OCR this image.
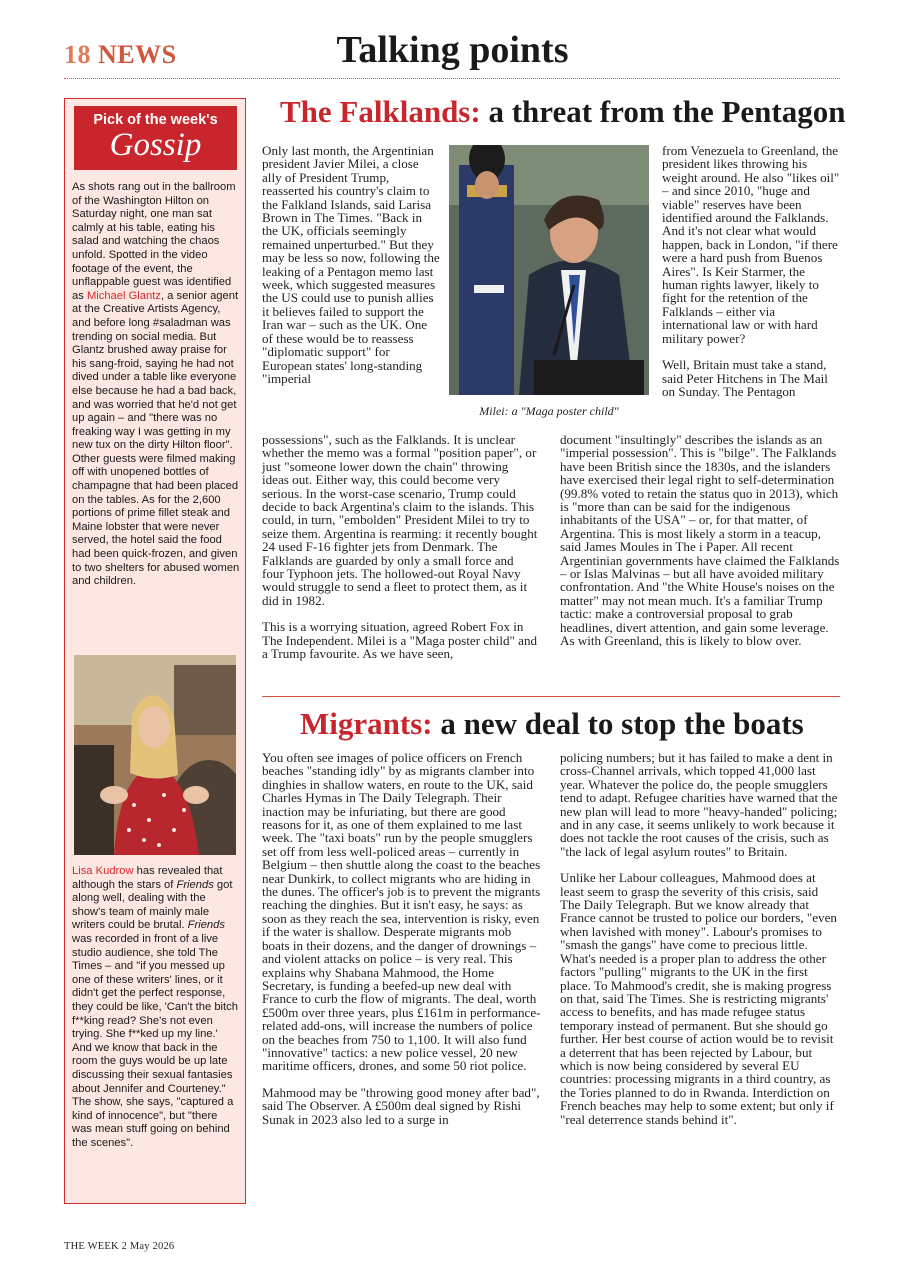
18 NEWS	Talking points
Pick of the week's
Gossip
As shots rang out in the ballroom of the Washington Hilton on Saturday night, one man sat calmly at his table, eating his salad and watching the chaos unfold. Spotted in the video footage of the event, the unflappable guest was identified as Michael Glantz, a senior agent at the Creative Artists Agency, and before long #saladman was trending on social media. But Glantz brushed away praise for his sang-froid, saying he had not dived under a table like everyone else because he had a bad back, and was worried that he'd not get up again – and "there was no freaking way I was getting in my new tux on the dirty Hilton floor". Other guests were filmed making off with unopened bottles of champagne that had been placed on the tables. As for the 2,600 portions of prime fillet steak and Maine lobster that were never served, the hotel said the food had been quick-frozen, and given to two shelters for abused women and children.
Lisa Kudrow has revealed that although the stars of Friends got along well, dealing with the show's team of mainly male writers could be brutal. Friends was recorded in front of a live studio audience, she told The Times – and "if you messed up one of these writers' lines, or it didn't get the perfect response, they could be like, 'Can't the bitch f**king read? She's not even trying. She f**ked up my line.' And we know that back in the room the guys would be up late discussing their sexual fantasies about Jennifer and Courteney." The show, she says, "captured a kind of innocence", but "there was mean stuff going on behind the scenes".
The Falklands: a threat from the Pentagon
Milei: a "Maga poster child"
Only last month, the Argentinian president Javier Milei, a close ally of President Trump, reasserted his country's claim to the Falkland Islands, said Larisa Brown in The Times. "Back in the UK, officials seemingly remained unperturbed." But they may be less so now, following the leaking of a Pentagon memo last week, which suggested measures the US could use to punish allies it believes failed to support the Iran war – such as the UK. One of these would be to reassess "diplomatic support" for European states' long-standing "imperial

possessions", such as the Falklands. It is unclear whether the memo was a formal "position paper", or just "someone lower down the chain" throwing ideas out. Either way, this could become very serious. In the worst-case scenario, Trump could decide to back Argentina's claim to the islands. This could, in turn, "embolden" President Milei to try to seize them. Argentina is rearming: it recently bought 24 used F-16 fighter jets from Denmark. The Falklands are guarded by only a small force and four Typhoon jets. The hollowed-out Royal Navy would struggle to send a fleet to protect them, as it did in 1982.

This is a worrying situation, agreed Robert Fox in The Independent. Milei is a "Maga poster child" and a Trump favourite. As we have seen,

from Venezuela to Greenland, the president likes throwing his weight around. He also "likes oil" – and since 2010, "huge and viable" reserves have been identified around the Falklands. And it's not clear what would happen, back in London, "if there were a hard push from Buenos Aires". Is Keir Starmer, the human rights lawyer, likely to fight for the retention of the Falklands – either via international law or with hard military power?

Well, Britain must take a stand, said Peter Hitchens in The Mail on Sunday. The Pentagon

document "insultingly" describes the islands as an "imperial possession". This is "bilge". The Falklands have been British since the 1830s, and the islanders have exercised their legal right to self-determination (99.8% voted to retain the status quo in 2013), which is "more than can be said for the indigenous inhabitants of the USA" – or, for that matter, of Argentina. This is most likely a storm in a teacup, said James Moules in The i Paper. All recent Argentinian governments have claimed the Falklands – or Islas Malvinas – but all have avoided military confrontation. And "the White House's noises on the matter" may not mean much. It's a familiar Trump tactic: make a controversial proposal to grab headlines, divert attention, and gain some leverage. As with Greenland, this is likely to blow over.
Migrants: a new deal to stop the boats

You often see images of police officers on French beaches "standing idly" by as migrants clamber into dinghies in shallow waters, en route to the UK, said Charles Hymas in The Daily Telegraph. Their inaction may be infuriating, but there are good reasons for it, as one of them explained to me last week. The "taxi boats" run by the people smugglers set off from less well-policed areas – currently in Belgium – then shuttle along the coast to the beaches near Dunkirk, to collect migrants who are hiding in the dunes. The officer's job is to prevent the migrants reaching the dinghies. But it isn't easy, he says: as soon as they reach the sea, intervention is risky, even if the water is shallow. Desperate migrants mob boats in their dozens, and the danger of drownings – and violent attacks on police – is very real. This explains why Shabana Mahmood, the Home Secretary, is funding a beefed-up new deal with France to curb the flow of migrants. The deal, worth £500m over three years, plus £161m in performance-related add-ons, will increase the numbers of police on the beaches from 750 to 1,100. It will also fund "innovative" tactics: a new police vessel, 20 new maritime officers, drones, and some 50 riot police.

Mahmood may be "throwing good money after bad", said The Observer. A £500m deal signed by Rishi Sunak in 2023 also led to a surge in

policing numbers; but it has failed to make a dent in cross-Channel arrivals, which topped 41,000 last year. Whatever the police do, the people smugglers tend to adapt. Refugee charities have warned that the new plan will lead to more "heavy-handed" policing; and in any case, it seems unlikely to work because it does not tackle the root causes of the crisis, such as "the lack of legal asylum routes" to Britain.

Unlike her Labour colleagues, Mahmood does at least seem to grasp the severity of this crisis, said The Daily Telegraph. But we know already that France cannot be trusted to police our borders, "even when lavished with money". Labour's promises to "smash the gangs" have come to precious little. What's needed is a proper plan to address the other factors "pulling" migrants to the UK in the first place. To Mahmood's credit, she is making progress on that, said The Times. She is restricting migrants' access to benefits, and has made refugee status temporary instead of permanent. But she should go further. Her best course of action would be to revisit a deterrent that has been rejected by Labour, but which is now being considered by several EU countries: processing migrants in a third country, as the Tories planned to do in Rwanda. Interdiction on French beaches may help to some extent; but only if "real deterrence stands behind it".

THE WEEK 2 May 2026
